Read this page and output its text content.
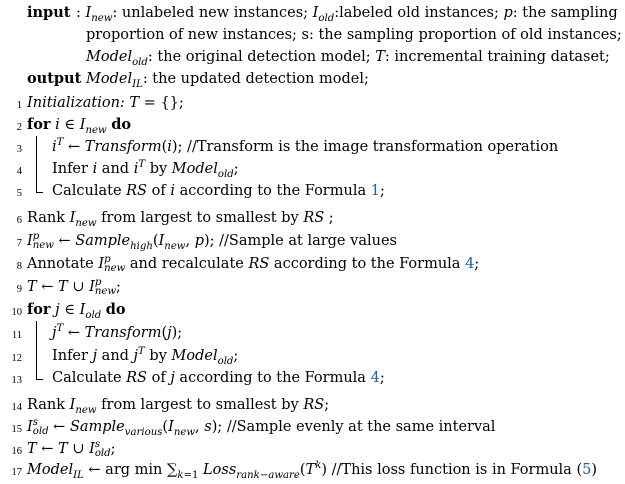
input : $I_{new}$: unlabeled new instances; $I_{old}:labeled$ old instances; p: the sampling
proportion of new instances; s: the sampling proportion of old instances;
Model$_{old}$: the original detection model; T: incremental training dataset;
output Model$_{IL}$: the updated detection model;
1 Initialization: T = {};
2 for i ∈ $I_{new}$ do
3 $i^T$ ← Transform(i); //Transform is the image transformation operation
4 Infer i and $i^T$ by Model$_{old}$;
5 Calculate RS of i according to the Formula 1;
6 Rank $I_{new}$ from largest to smallest by RS ;
7 Ip
new ← $Sample_{high}(I_{new}$, p); //Sample at large values
8 Annotate Ip
new and recalculate RS according to the Formula 4;
9 T ← T ∪ Ip
new;
10 for j ∈ $I_{old}$ do
11 $j^T$ ← Transform(j);
12 Infer j and $j^T$ by Model$_{old}$;
13 Calculate RS of j according to the Formula 4;
14 Rank $I_{new}$ from largest to smallest by RS;
15 Is
old ← $Sample_{various}(I_{new}$, s); //Sample evenly at the same interval
16 T ← T ∪ Is
old;
17 Model$_{IL}$ ← arg $\min \sum_{k=1}$ $Loss_{rank-aware}(T^k)$ //This loss function is in Formula (5)
